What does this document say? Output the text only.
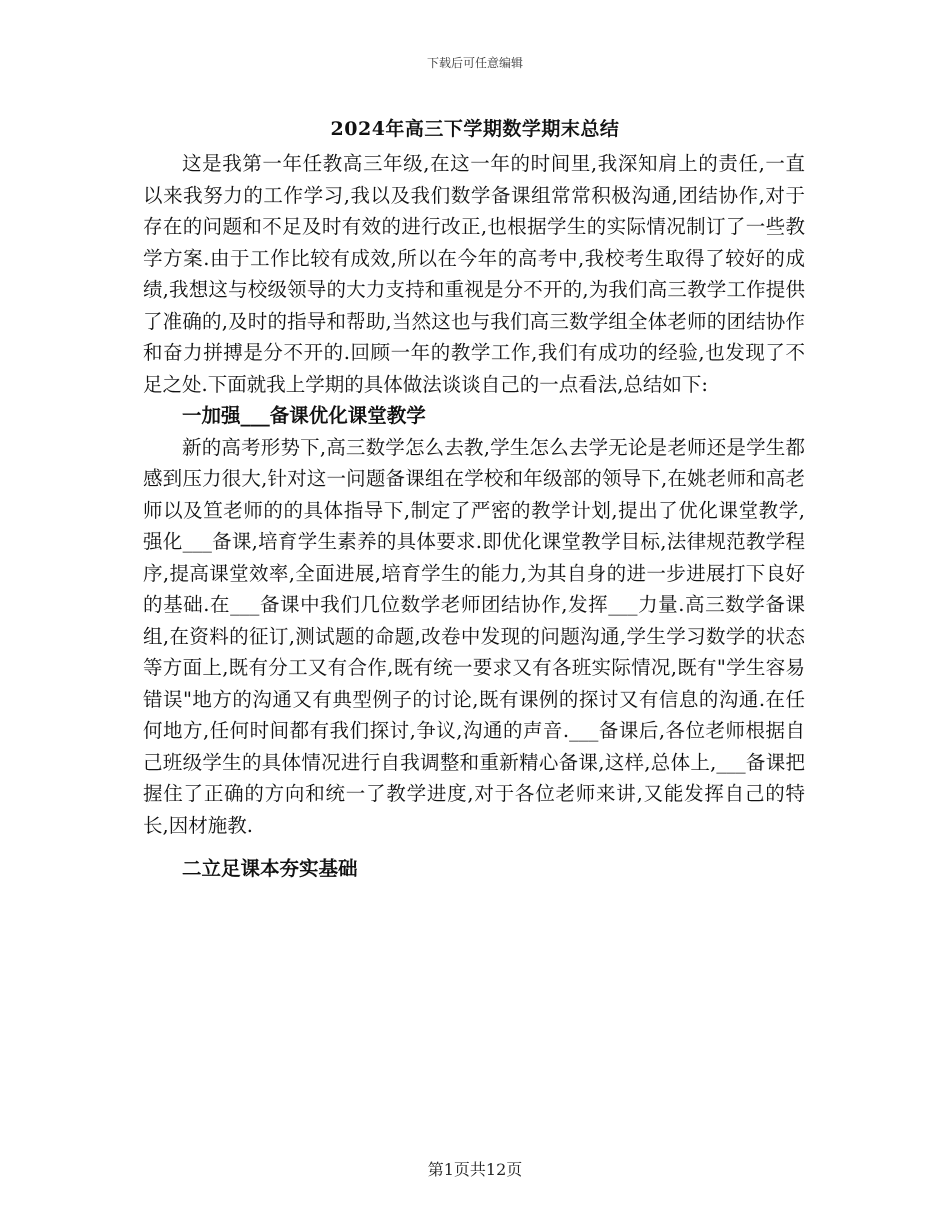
下载后可任意编辑
2024年高三下学期数学期末总结

这是我第一年任教高三年级,在这一年的时间里,我深知肩上的责任,一直以来我努力的工作学习,我以及我们数学备课组常常积极沟通,团结协作,对于存在的问题和不足及时有效的进行改正,也根据学生的实际情况制订了一些教学方案.由于工作比较有成效,所以在今年的高考中,我校考生取得了较好的成绩,我想这与校级领导的大力支持和重视是分不开的,为我们高三教学工作提供了准确的,及时的指导和帮助,当然这也与我们高三数学组全体老师的团结协作和奋力拼搏是分不开的.回顾一年的教学工作,我们有成功的经验,也发现了不足之处.下面就我上学期的具体做法谈谈自己的一点看法,总结如下:

一加强___备课优化课堂教学

新的高考形势下,高三数学怎么去教,学生怎么去学无论是老师还是学生都感到压力很大,针对这一问题备课组在学校和年级部的领导下,在姚老师和高老师以及笪老师的的具体指导下,制定了严密的教学计划,提出了优化课堂教学,强化___备课,培育学生素养的具体要求.即优化课堂教学目标,法律规范教学程序,提高课堂效率,全面进展,培育学生的能力,为其自身的进一步进展打下良好的基础.在___备课中我们几位数学老师团结协作,发挥___力量.高三数学备课组,在资料的征订,测试题的命题,改卷中发现的问题沟通,学生学习数学的状态等方面上,既有分工又有合作,既有统一要求又有各班实际情况,既有"学生容易错误"地方的沟通又有典型例子的讨论,既有课例的探讨又有信息的沟通.在任何地方,任何时间都有我们探讨,争议,沟通的声音.___备课后,各位老师根据自己班级学生的具体情况进行自我调整和重新精心备课,这样,总体上,___备课把握住了正确的方向和统一了教学进度,对于各位老师来讲,又能发挥自己的特长,因材施教.

二立足课本夯实基础

第1页共12页
